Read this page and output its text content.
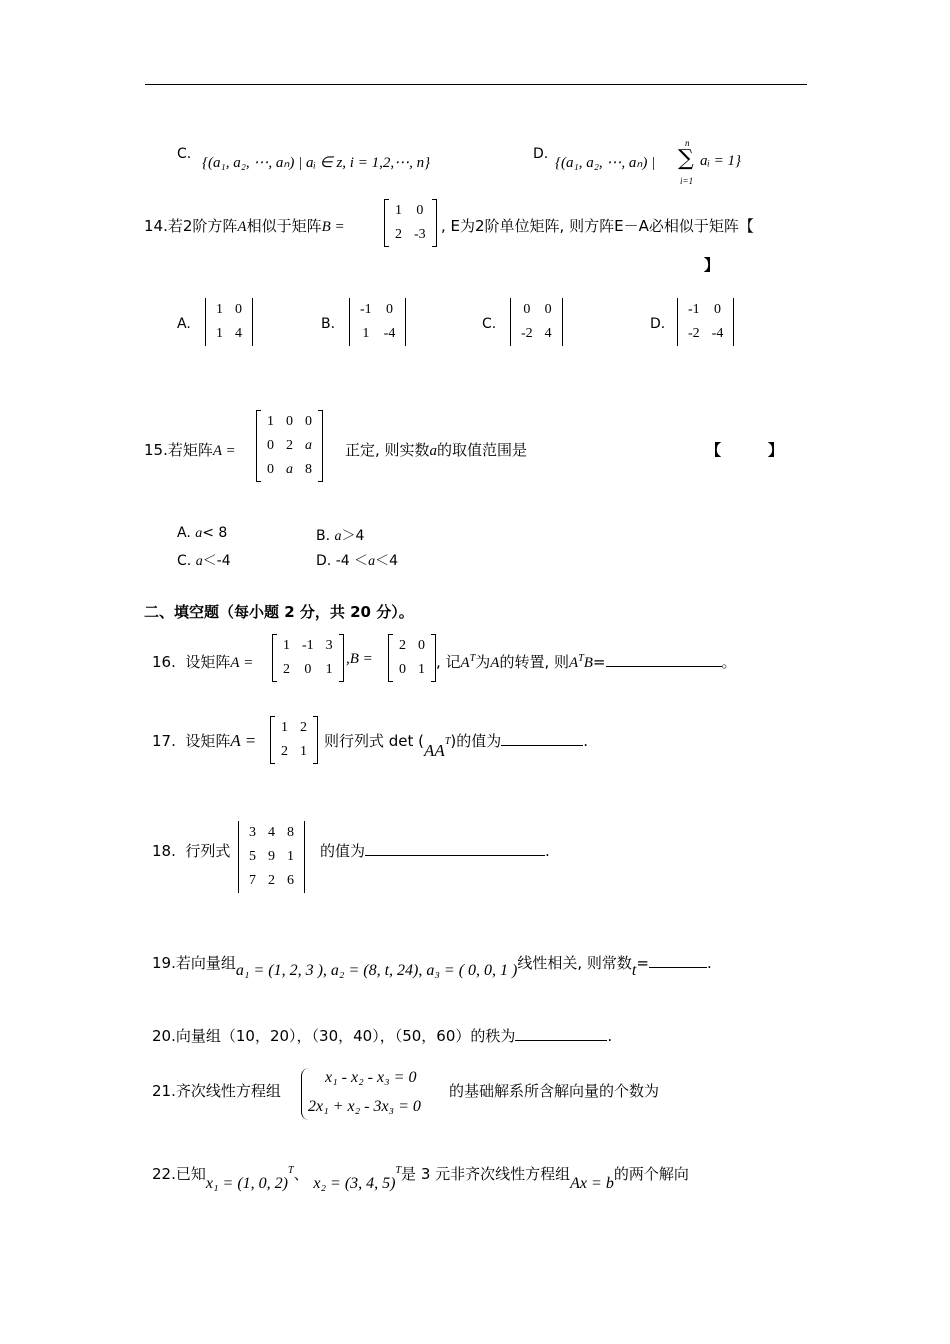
C.
{(a₁, a₂, ⋯, aₙ) | aᵢ ∈ z, i = 1,2,⋯, n}
D.
{(a₁, a₂, ⋯, aₙ) |
n
∑
i=1
aᵢ = 1}
14.若2阶方阵A相似于矩阵B =
1	0
2	-3 , E为2阶单位矩阵, 则方阵E－A必相似于矩阵【
】
A.
1	0
1	4
B.
-1	0
1	-4
C.
0	0
-2	4
D.
-1	0
-2	-4
15.若矩阵A =
1	0	0
0	2	a
0	a	8
正定, 则实数a的取值范围是	【	】
A. a< 8	B. a＞4
C. a＜-4	D. -4 ＜a＜4
二、填空题（每小题 2 分，共 20 分）。
16. 设矩阵A =
1	-1	3
2	0	1
,B =
2	0
0	1 , 记$A^T$为A的转置, 则$A^TB=$	。
17. 设矩阵A =
1	2
2	1
则行列式 $\det (AA^T)$的值为	.
18. 行列式
3	4	8
5	9	1
7	2	6
的值为	.
19.若向量组a₁ = (1, 2, 3 ), a₂ = (8, t, 24), a₃ = ( 0, 0, 1 )线性相关, 则常数t=	.
20.向量组（10，20），（30，40），（50，60）的秩为	.
21.齐次线性方程组
x₁ - x₂ - x₃ = 0
2x₁ + x₂ - 3x₃ = 0
的基础解系所含解向量的个数为
22.已知x₁ = (1, 0, 2)$^T$、 x₂ = (3, 4, 5)$^T$是 3 元非齐次线性方程组Ax = b的两个解向
